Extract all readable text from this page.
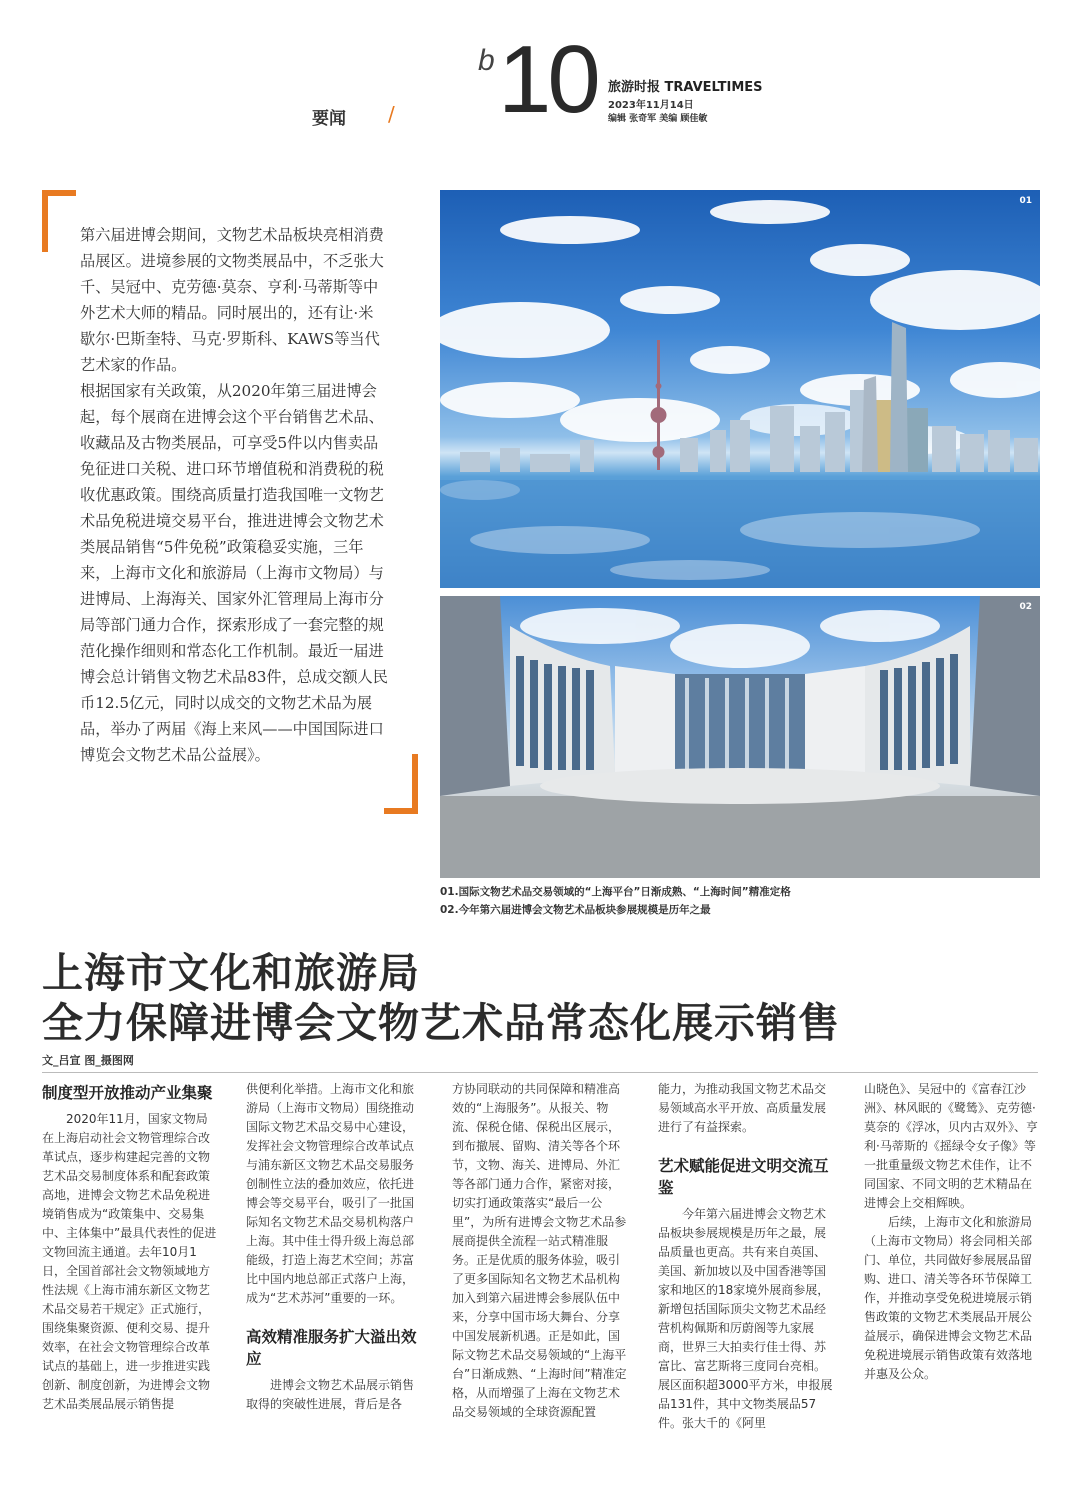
要闻 /
b 10 旅游时报 TRAVELTIMES
2023年11月14日
编辑 张奇军 美编 顾佳敏

第六届进博会期间，文物艺术品板块亮相消费品展区。进境参展的文物类展品中，不乏张大千、吴冠中、克劳德·莫奈、亨利·马蒂斯等中外艺术大师的精品。同时展出的，还有让·米歇尔·巴斯奎特、马克·罗斯科、KAWS等当代艺术家的作品。

根据国家有关政策，从2020年第三届进博会起，每个展商在进博会这个平台销售艺术品、收藏品及古物类展品，可享受5件以内售卖品免征进口关税、进口环节增值税和消费税的税收优惠政策。围绕高质量打造我国唯一文物艺术品免税进境交易平台，推进进博会文物艺术类展品销售“5件免税”政策稳妥实施，三年来，上海市文化和旅游局（上海市文物局）与进博局、上海海关、国家外汇管理局上海市分局等部门通力合作，探索形成了一套完整的规范化操作细则和常态化工作机制。最近一届进博会总计销售文物艺术品83件，总成交额人民币12.5亿元，同时以成交的文物艺术品为展品，举办了两届《海上来风——中国国际进口博览会文物艺术品公益展》。

01
02
01.国际文物艺术品交易领域的“上海平台”日渐成熟、“上海时间”精准定格
02.今年第六届进博会文物艺术品板块参展规模是历年之最
上海市文化和旅游局
全力保障进博会文物艺术品常态化展示销售
文_吕宣 图_摄图网
制度型开放推动产业集聚

2020年11月，国家文物局在上海启动社会文物管理综合改革试点，逐步构建起完善的文物艺术品交易制度体系和配套政策高地，进博会文物艺术品免税进境销售成为“政策集中、交易集中、主体集中”最具代表性的促进文物回流主通道。去年10月1日，全国首部社会文物领域地方性法规《上海市浦东新区文物艺术品交易若干规定》正式施行，围绕集聚资源、便利交易、提升效率，在社会文物管理综合改革试点的基础上，进一步推进实践创新、制度创新，为进博会文物艺术品类展品展示销售提

供便利化举措。上海市文化和旅游局（上海市文物局）围绕推动国际文物艺术品交易中心建设，发挥社会文物管理综合改革试点与浦东新区文物艺术品交易服务创制性立法的叠加效应，依托进博会等交易平台，吸引了一批国际知名文物艺术品交易机构落户上海。其中佳士得升级上海总部能级，打造上海艺术空间；苏富比中国内地总部正式落户上海，成为“艺术苏河”重要的一环。

高效精准服务扩大溢出效应

进博会文物艺术品展示销售取得的突破性进展，背后是各

方协同联动的共同保障和精准高效的“上海服务”。从报关、物流、保税仓储、保税出区展示，到布撤展、留购、清关等各个环节，文物、海关、进博局、外汇等各部门通力合作，紧密对接，切实打通政策落实“最后一公里”，为所有进博会文物艺术品参展商提供全流程一站式精准服务。正是优质的服务体验，吸引了更多国际知名文物艺术品机构加入到第六届进博会参展队伍中来，分享中国市场大舞台、分享中国发展新机遇。正是如此，国际文物艺术品交易领域的“上海平台”日渐成熟、“上海时间”精准定格，从而增强了上海在文物艺术品交易领域的全球资源配置

能力，为推动我国文物艺术品交易领域高水平开放、高质量发展进行了有益探索。

艺术赋能促进文明交流互鉴

今年第六届进博会文物艺术品板块参展规模是历年之最，展品质量也更高。共有来自英国、美国、新加坡以及中国香港等国家和地区的18家境外展商参展，新增包括国际顶尖文物艺术品经营机构佩斯和厉蔚阁等九家展商，世界三大拍卖行佳士得、苏富比、富艺斯将三度同台亮相。展区面积超3000平方米，申报展品131件，其中文物类展品57件。张大千的《阿里

山晓色》、吴冠中的《富春江沙洲》、林风眠的《鹭鸶》、克劳德·莫奈的《浮冰，贝内古双外》、亨利·马蒂斯的《摇绿令女子像》等一批重量级文物艺术佳作，让不同国家、不同文明的艺术精品在进博会上交相辉映。

后续，上海市文化和旅游局（上海市文物局）将会同相关部门、单位，共同做好参展展品留购、进口、清关等各环节保障工作，并推动享受免税进境展示销售政策的文物艺术类展品开展公益展示，确保进博会文物艺术品免税进境展示销售政策有效落地并惠及公众。
